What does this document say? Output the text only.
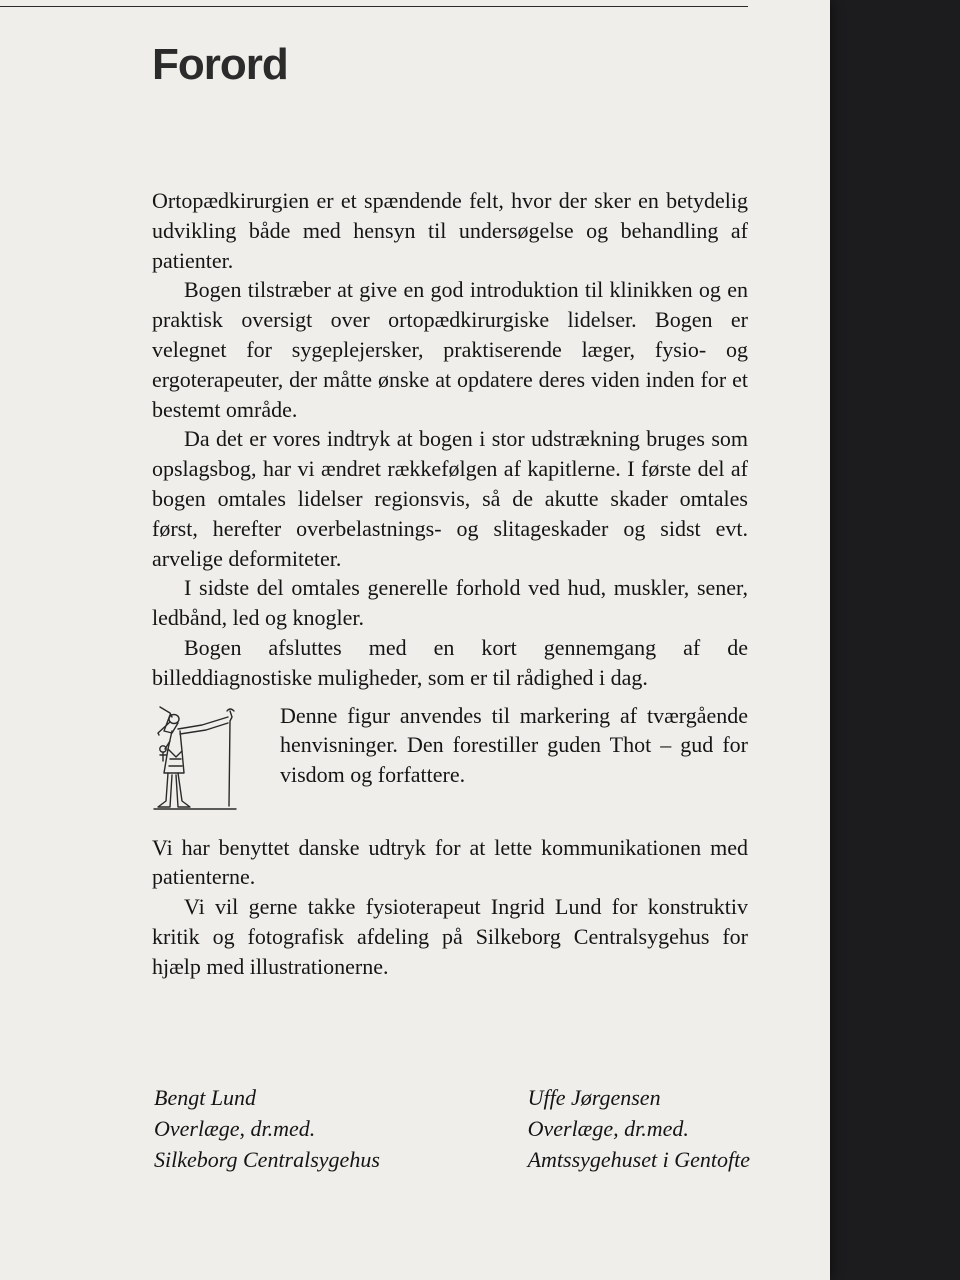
Forord

Ortopædkirurgien er et spændende felt, hvor der sker en betydelig udvikling både med hensyn til undersøgelse og behandling af patienter.

Bogen tilstræber at give en god introduktion til klinikken og en praktisk oversigt over ortopædkirurgiske lidelser. Bogen er velegnet for sygeplejersker, praktiserende læger, fysio- og ergoterapeuter, der måtte ønske at opdatere deres viden inden for et bestemt område.

Da det er vores indtryk at bogen i stor udstrækning bruges som opslagsbog, har vi ændret rækkefølgen af kapitlerne. I første del af bogen omtales lidelser regionsvis, så de akutte skader omtales først, herefter overbelastnings- og slitageskader og sidst evt. arvelige deformiteter.

I sidste del omtales generelle forhold ved hud, muskler, sener, ledbånd, led og knogler.

Bogen afsluttes med en kort gennemgang af de billeddiagnostiske muligheder, som er til rådighed i dag.

Denne figur anvendes til markering af tværgående henvisninger. Den forestiller guden Thot – gud for visdom og forfattere.

Vi har benyttet danske udtryk for at lette kommunikationen med patienterne.

Vi vil gerne takke fysioterapeut Ingrid Lund for konstruktiv kritik og fotografisk afdeling på Silkeborg Centralsygehus for hjælp med illustrationerne.

Bengt Lund
Overlæge, dr.med.
Silkeborg Centralsygehus
Uffe Jørgensen
Overlæge, dr.med.
Amtssygehuset i Gentofte
